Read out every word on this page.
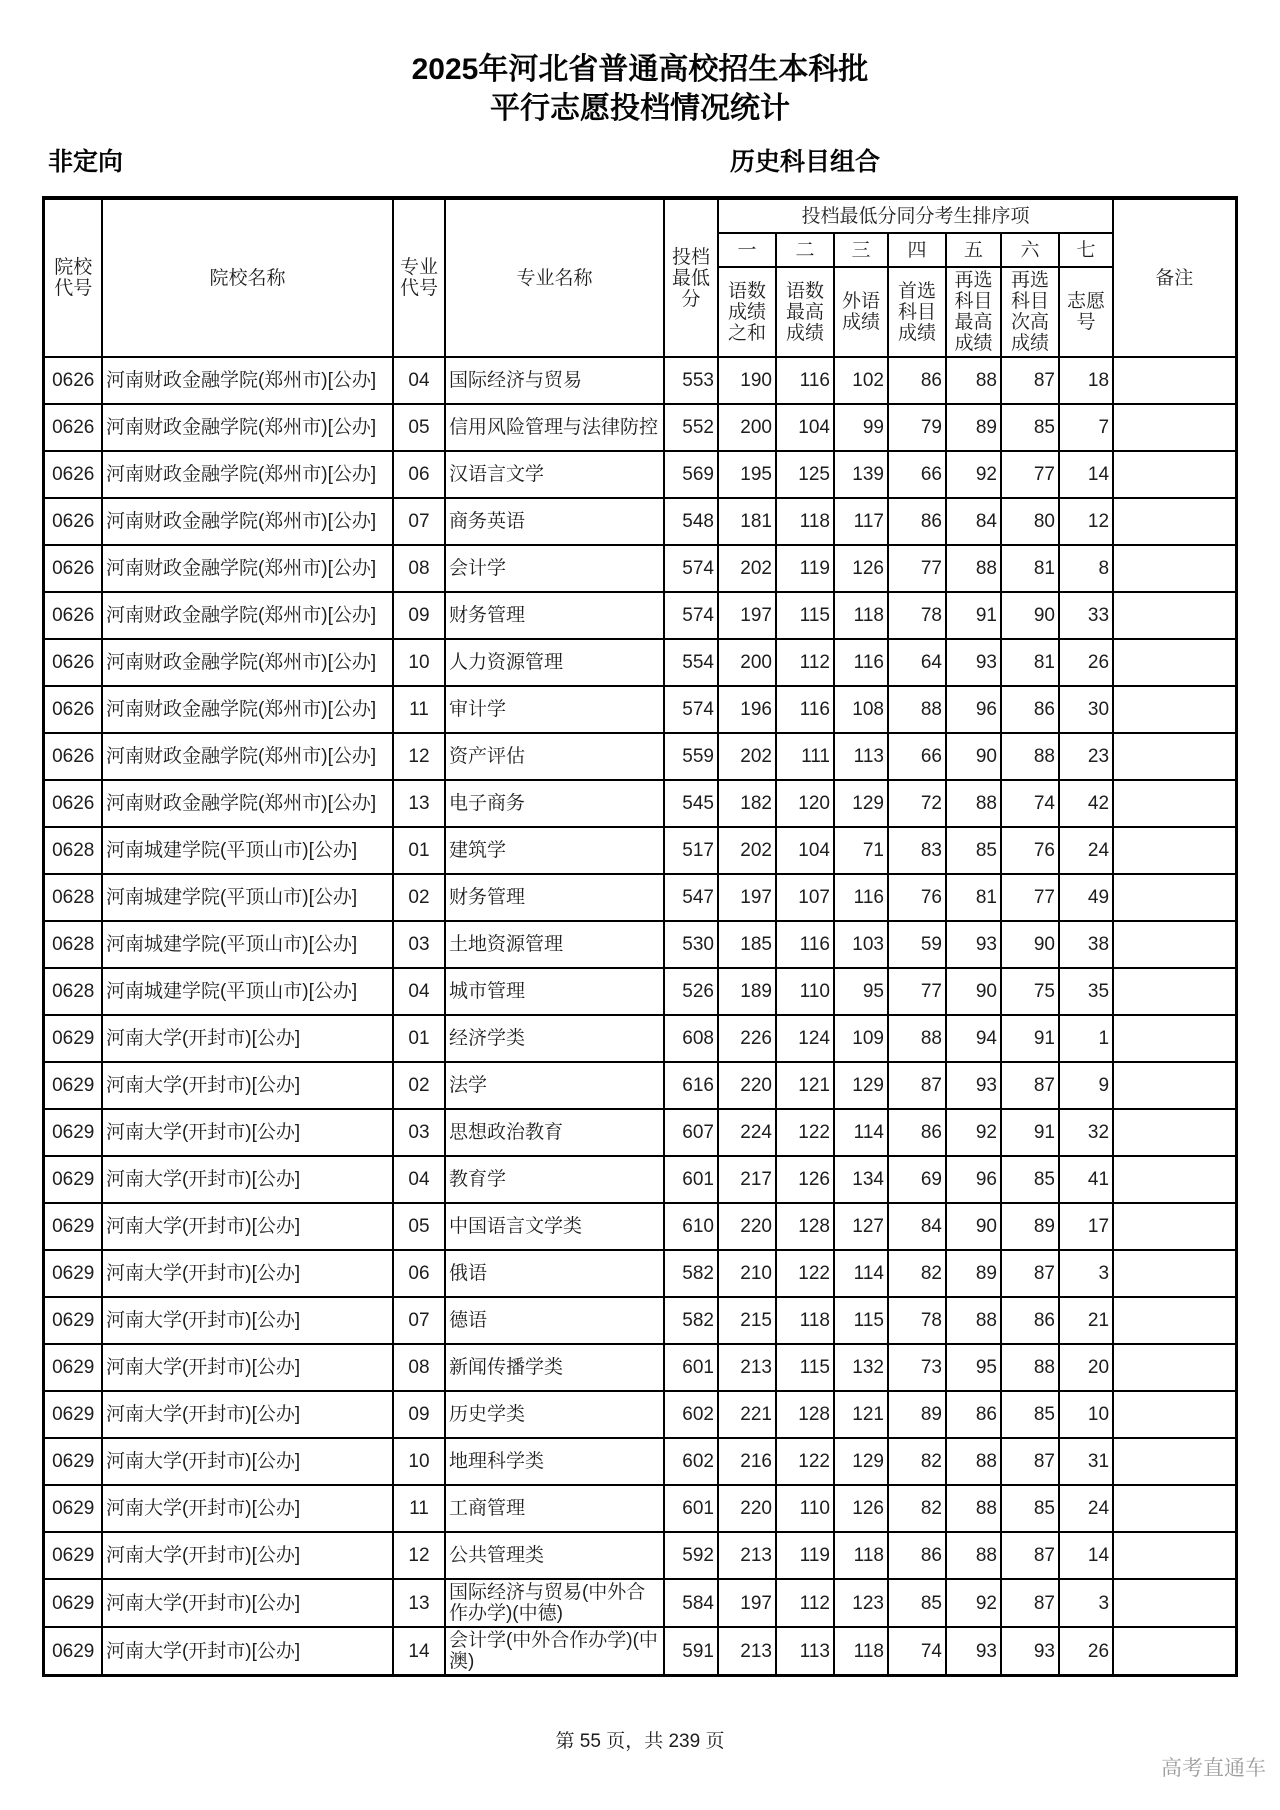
2025年河北省普通高校招生本科批
平行志愿投档情况统计
非定向	历史科目组合
院校代号	院校名称	专业代号	专业名称	投档最低分	投档最低分同分考生排序项							备注
					一	二	三	四	五	六	七	
					语数成绩之和	语数最高成绩	外语成绩	首选科目成绩	再选科目最高成绩	再选科目次高成绩	志愿号	
0626	河南财政金融学院(郑州市)[公办]	04	国际经济与贸易	553	190	116	102	86	88	87	18	
0626	河南财政金融学院(郑州市)[公办]	05	信用风险管理与法律防控	552	200	104	99	79	89	85	7	
0626	河南财政金融学院(郑州市)[公办]	06	汉语言文学	569	195	125	139	66	92	77	14	
0626	河南财政金融学院(郑州市)[公办]	07	商务英语	548	181	118	117	86	84	80	12	
0626	河南财政金融学院(郑州市)[公办]	08	会计学	574	202	119	126	77	88	81	8	
0626	河南财政金融学院(郑州市)[公办]	09	财务管理	574	197	115	118	78	91	90	33	
0626	河南财政金融学院(郑州市)[公办]	10	人力资源管理	554	200	112	116	64	93	81	26	
0626	河南财政金融学院(郑州市)[公办]	11	审计学	574	196	116	108	88	96	86	30	
0626	河南财政金融学院(郑州市)[公办]	12	资产评估	559	202	111	113	66	90	88	23	
0626	河南财政金融学院(郑州市)[公办]	13	电子商务	545	182	120	129	72	88	74	42	
0628	河南城建学院(平顶山市)[公办]	01	建筑学	517	202	104	71	83	85	76	24	
0628	河南城建学院(平顶山市)[公办]	02	财务管理	547	197	107	116	76	81	77	49	
0628	河南城建学院(平顶山市)[公办]	03	土地资源管理	530	185	116	103	59	93	90	38	
0628	河南城建学院(平顶山市)[公办]	04	城市管理	526	189	110	95	77	90	75	35	
0629	河南大学(开封市)[公办]	01	经济学类	608	226	124	109	88	94	91	1	
0629	河南大学(开封市)[公办]	02	法学	616	220	121	129	87	93	87	9	
0629	河南大学(开封市)[公办]	03	思想政治教育	607	224	122	114	86	92	91	32	
0629	河南大学(开封市)[公办]	04	教育学	601	217	126	134	69	96	85	41	
0629	河南大学(开封市)[公办]	05	中国语言文学类	610	220	128	127	84	90	89	17	
0629	河南大学(开封市)[公办]	06	俄语	582	210	122	114	82	89	87	3	
0629	河南大学(开封市)[公办]	07	德语	582	215	118	115	78	88	86	21	
0629	河南大学(开封市)[公办]	08	新闻传播学类	601	213	115	132	73	95	88	20	
0629	河南大学(开封市)[公办]	09	历史学类	602	221	128	121	89	86	85	10	
0629	河南大学(开封市)[公办]	10	地理科学类	602	216	122	129	82	88	87	31	
0629	河南大学(开封市)[公办]	11	工商管理	601	220	110	126	82	88	85	24	
0629	河南大学(开封市)[公办]	12	公共管理类	592	213	119	118	86	88	87	14	
0629	河南大学(开封市)[公办]	13	国际经济与贸易(中外合作办学)(中德)	584	197	112	123	85	92	87	3	
0629	河南大学(开封市)[公办]	14	会计学(中外合作办学)(中澳)	591	213	113	118	74	93	93	26	
第 55 页，共 239 页
高考直通车
